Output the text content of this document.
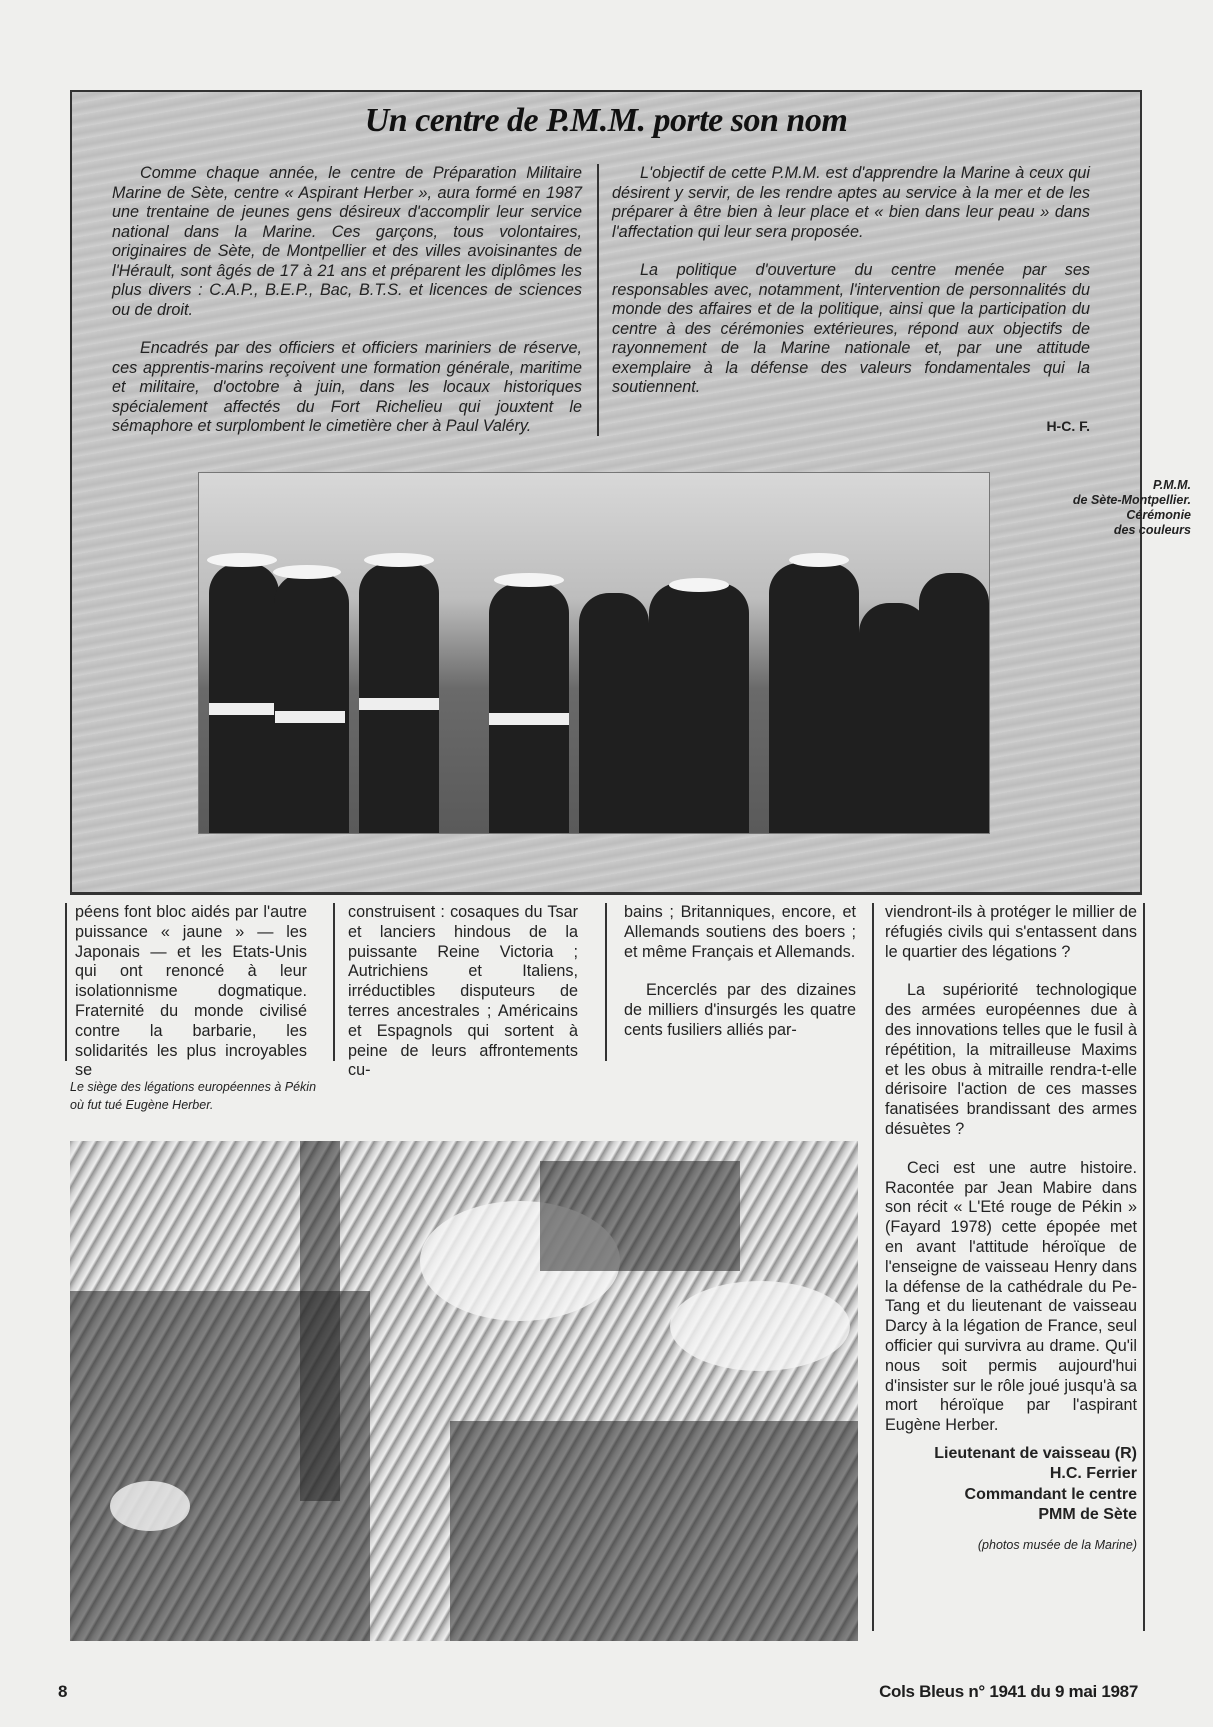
Un centre de P.M.M. porte son nom

Comme chaque année, le centre de Préparation Militaire Marine de Sète, centre « Aspirant Herber », aura formé en 1987 une trentaine de jeunes gens désireux d'accomplir leur service national dans la Marine. Ces garçons, tous volontaires, originaires de Sète, de Montpellier et des villes avoisinantes de l'Hérault, sont âgés de 17 à 21 ans et préparent les diplômes les plus divers : C.A.P., B.E.P., Bac, B.T.S. et licences de sciences ou de droit.

Encadrés par des officiers et officiers mariniers de réserve, ces apprentis-marins reçoivent une formation générale, maritime et militaire, d'octobre à juin, dans les locaux historiques spécialement affectés du Fort Richelieu qui jouxtent le sémaphore et surplombent le cimetière cher à Paul Valéry.

L'objectif de cette P.M.M. est d'apprendre la Marine à ceux qui désirent y servir, de les rendre aptes au service à la mer et de les préparer à être bien à leur place et « bien dans leur peau » dans l'affectation qui leur sera proposée.

La politique d'ouverture du centre menée par ses responsables avec, notamment, l'intervention de personnalités du monde des affaires et de la politique, ainsi que la participation du centre à des cérémonies extérieures, répond aux objectifs de rayonnement de la Marine nationale et, par une attitude exemplaire à la défense des valeurs fondamentales qui la soutiennent.

H-C. F.

P.M.M.
de Sète-Montpellier.
Cérémonie
des couleurs

péens font bloc aidés par l'autre puissance « jaune » — les Japonais — et les Etats-Unis qui ont renoncé à leur isolationnisme dogmatique. Fraternité du monde civilisé contre la barbarie, les solidarités les plus incroyables se

construisent : cosaques du Tsar et lanciers hindous de la puissante Reine Victoria ; Autrichiens et Italiens, irréductibles disputeurs de terres ancestrales ; Américains et Espagnols qui sortent à peine de leurs affrontements cu-

bains ; Britanniques, encore, et Allemands soutiens des boers ; et même Français et Allemands.

Encerclés par des dizaines de milliers d'insurgés les quatre cents fusiliers alliés par-

viendront-ils à protéger le millier de réfugiés civils qui s'entassent dans le quartier des légations ?

La supériorité technologique des armées européennes due à des innovations telles que le fusil à répétition, la mitrailleuse Maxims et les obus à mitraille rendra-t-elle dérisoire l'action de ces masses fanatisées brandissant des armes désuètes ?

Ceci est une autre histoire. Racontée par Jean Mabire dans son récit « L'Eté rouge de Pékin » (Fayard 1978) cette épopée met en avant l'attitude héroïque de l'enseigne de vaisseau Henry dans la défense de la cathédrale du Pe-Tang et du lieutenant de vaisseau Darcy à la légation de France, seul officier qui survivra au drame. Qu'il nous soit permis aujourd'hui d'insister sur le rôle joué jusqu'à sa mort héroïque par l'aspirant Eugène Herber.

Lieutenant de vaisseau (R)
H.C. Ferrier
Commandant le centre
PMM de Sète
(photos musée de la Marine)
Le siège des légations européennes à Pékin
où fut tué Eugène Herber.
8	Cols Bleus n° 1941 du 9 mai 1987
